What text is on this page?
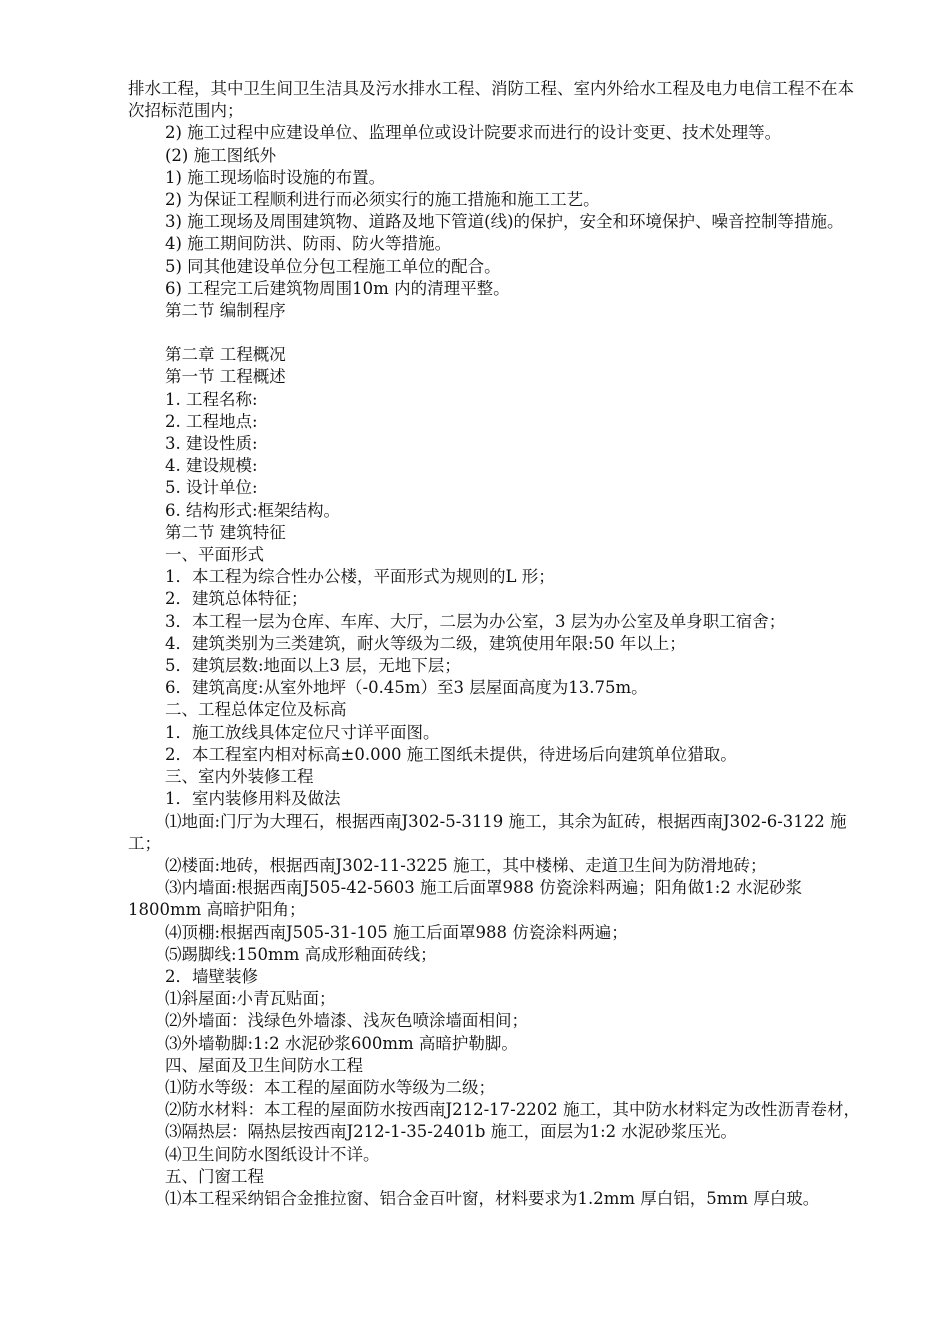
排水工程，其中卫生间卫生洁具及污水排水工程、消防工程、室内外给水工程及电力电信工程不在本次招标范围内；
2) 施工过程中应建设单位、监理单位或设计院要求而进行的设计变更、技术处理等。
(2) 施工图纸外
1) 施工现场临时设施的布置。
2) 为保证工程顺利进行而必须实行的施工措施和施工工艺。
3) 施工现场及周围建筑物、道路及地下管道(线)的保护，安全和环境保护、噪音控制等措施。
4) 施工期间防洪、防雨、防火等措施。
5) 同其他建设单位分包工程施工单位的配合。
6) 工程完工后建筑物周围10m 内的清理平整。
第二节 编制程序
第二章 工程概况
第一节 工程概述
1. 工程名称:
2. 工程地点:
3. 建设性质:
4. 建设规模:
5. 设计单位:
6. 结构形式:框架结构。
第二节 建筑特征
一、平面形式
1．本工程为综合性办公楼，平面形式为规则的L 形；
2．建筑总体特征；
3．本工程一层为仓库、车库、大厅，二层为办公室，3 层为办公室及单身职工宿舍；
4．建筑类别为三类建筑，耐火等级为二级，建筑使用年限:50 年以上；
5．建筑层数:地面以上3 层，无地下层；
6．建筑高度:从室外地坪（-0.45m）至3 层屋面高度为13.75m。
二、工程总体定位及标高
1．施工放线具体定位尺寸详平面图。
2．本工程室内相对标高±0.000 施工图纸未提供，待进场后向建筑单位猎取。
三、室内外装修工程
1．室内装修用料及做法
⑴地面:门厅为大理石，根据西南J302-5-3119 施工，其余为缸砖，根据西南J302-6-3122 施工；
⑵楼面:地砖，根据西南J302-11-3225 施工，其中楼梯、走道卫生间为防滑地砖；
⑶内墙面:根据西南J505-42-5603 施工后面罩988 仿瓷涂料两遍；阳角做1:2 水泥砂浆1800mm 高暗护阳角；
⑷顶棚:根据西南J505-31-105 施工后面罩988 仿瓷涂料两遍；
⑸踢脚线:150mm 高成形釉面砖线；
2．墙壁装修
⑴斜屋面:小青瓦贴面；
⑵外墙面：浅绿色外墙漆、浅灰色喷涂墙面相间；
⑶外墙勒脚:1:2 水泥砂浆600mm 高暗护勒脚。
四、屋面及卫生间防水工程
⑴防水等级：本工程的屋面防水等级为二级；
⑵防水材料：本工程的屋面防水按西南J212-17-2202 施工，其中防水材料定为改性沥青卷材，
⑶隔热层：隔热层按西南J212-1-35-2401b 施工，面层为1:2 水泥砂浆压光。
⑷卫生间防水图纸设计不详。
五、门窗工程
⑴本工程采纳铝合金推拉窗、铝合金百叶窗，材料要求为1.2mm 厚白铝，5mm 厚白玻。
